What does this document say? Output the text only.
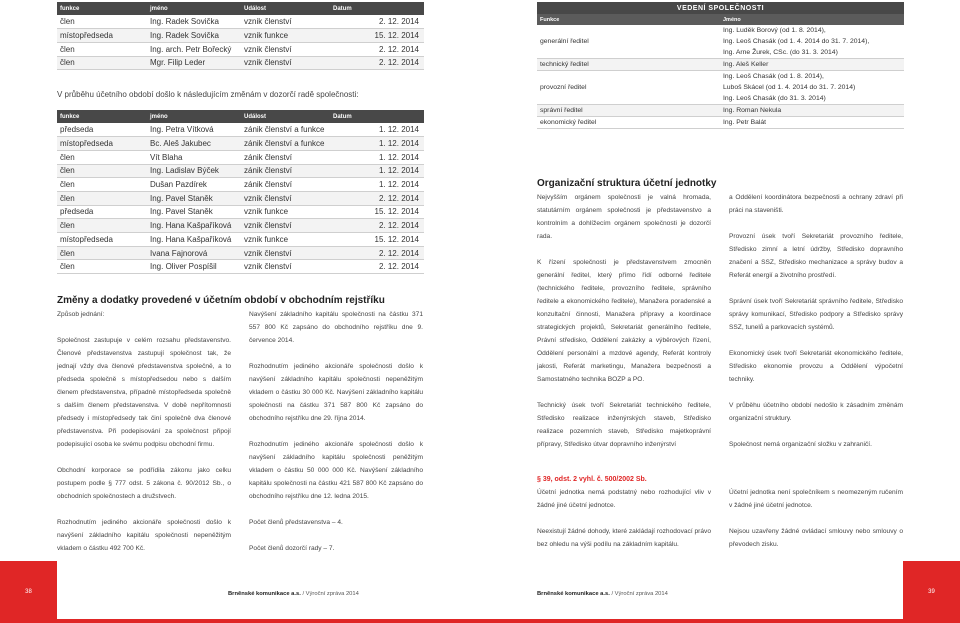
funkce	jméno	Událost	Datum
člen	Ing. Radek Sovička	vznik členství	2. 12. 2014
místopředseda	Ing. Radek Sovička	vznik funkce	15. 12. 2014
člen	Ing. arch. Petr Bořecký	vznik členství	2. 12. 2014
člen	Mgr. Filip Leder	vznik členství	2. 12. 2014
V průběhu účetního období došlo k následujícím změnám v dozorčí radě společnosti:
funkce	jméno	Událost	Datum
předseda	Ing. Petra Vítková	zánik členství a funkce	1. 12. 2014
místopředseda	Bc. Aleš Jakubec	zánik členství a funkce	1. 12. 2014
člen	Vít Blaha	zánik členství	1. 12. 2014
člen	Ing. Ladislav Býček	zánik členství	1. 12. 2014
člen	Dušan Pazdírek	zánik členství	1. 12. 2014
člen	Ing. Pavel Staněk	vznik členství	2. 12. 2014
předseda	Ing. Pavel Staněk	vznik funkce	15. 12. 2014
člen	Ing. Hana Kašpaříková	vznik členství	2. 12. 2014
místopředseda	Ing. Hana Kašpaříková	vznik funkce	15. 12. 2014
člen	Ivana Fajnorová	vznik členství	2. 12. 2014
člen	Ing. Oliver Pospíšil	vznik členství	2. 12. 2014
Změny a dodatky provedené v účetním období v obchodním rejstříku
Způsob jednání:
Společnost zastupuje v celém rozsahu představenstvo. Členové představenstva zastupují společnost tak, že jednají vždy dva členové představenstva společně, a to předseda společně s místopředsedou nebo s dalším členem představenstva, případně místopředseda společně s dalším členem představenstva. V době nepřítomnosti předsedy i místopředsedy tak činí společně dva členové představenstva. Při podepisování za společnost připojí podepisující osoba ke svému podpisu obchodní firmu.
Obchodní korporace se podřídila zákonu jako celku postupem podle § 777 odst. 5 zákona č. 90/2012 Sb., o obchodních společnostech a družstvech.
Rozhodnutím jediného akcionáře společnosti došlo k navýšení základního kapitálu společnosti nepeněžitým vkladem o částku 492 700 Kč.
Navýšení základního kapitálu společnosti na částku 371 557 800 Kč zapsáno do obchodního rejstříku dne 9. července 2014.
Rozhodnutím jediného akcionáře společnosti došlo k navýšení základního kapitálu společnosti nepeněžitým vkladem o částku 30 000 Kč. Navýšení základního kapitálu společnosti na částku 371 587 800 Kč zapsáno do obchodního rejstříku dne 29. října 2014.
Rozhodnutím jediného akcionáře společnosti došlo k navýšení základního kapitálu společnosti peněžitým vkladem o částku 50 000 000 Kč. Navýšení základního kapitálu společnosti na částku 421 587 800 Kč zapsáno do obchodního rejstříku dne 12. ledna 2015.
Počet členů představenstva – 4.
Počet členů dozorčí rady – 7.
38	Brněnské komunikace a.s. / Výroční zpráva 2014
VEDENÍ SPOLEČNOSTI	
Funkce	Jméno
generální ředitel	Ing. Luděk Borový (od 1. 8. 2014),
Ing. Leoš Chasák (od 1. 4. 2014 do 31. 7. 2014),
Ing. Arne Žurek, CSc. (do 31. 3. 2014)

technický ředitel	Ing. Aleš Keller

provozní ředitel	Ing. Leoš Chasák (od 1. 8. 2014),
Luboš Skácel (od 1. 4. 2014 do 31. 7. 2014)
Ing. Leoš Chasák (do 31. 3. 2014)

správní ředitel	Ing. Roman Nekula

ekonomický ředitel	Ing. Petr Balát
Organizační struktura účetní jednotky
Nejvyšším orgánem společnosti je valná hromada, statutárním orgánem společnosti je představenstvo a kontrolním a dohlížecím orgánem společnosti je dozorčí rada.
K řízení společnosti je představenstvem zmocněn generální ředitel, který přímo řídí odborné ředitele (technického ředitele, provozního ředitele, správního ředitele a ekonomického ředitele), Manažera poradenské a konzultační činnosti, Manažera přípravy a koordinace strategických projektů, Sekretariát generálního ředitele, Právní středisko, Oddělení zakázky a výběrových řízení, Oddělení personální a mzdové agendy, Referát kontroly jakosti, Referát marketingu, Manažera bezpečnosti a Samostatného technika BOZP a PO.
Technický úsek tvoří Sekretariát technického ředitele, Středisko realizace inženýrských staveb, Středisko realizace pozemních staveb, Středisko majetkoprávní přípravy, Středisko útvar dopravního inženýrství
a Oddělení koordinátora bezpečnosti a ochrany zdraví při práci na staveništi.
Provozní úsek tvoří Sekretariát provozního ředitele, Středisko zimní a letní údržby, Středisko dopravního značení a SSZ, Středisko mechanizace a správy budov a Referát energií a životního prostředí.
Správní úsek tvoří Sekretariát správního ředitele, Středisko správy komunikací, Středisko podpory a Středisko správy SSZ, tunelů a parkovacích systémů.
Ekonomický úsek tvoří Sekretariát ekonomického ředitele, Středisko ekonomie provozu a Oddělení výpočetní techniky.
V průběhu účetního období nedošlo k zásadním změnám organizační struktury.
Společnost nemá organizační složku v zahraničí.
§ 39, odst. 2 vyhl. č. 500/2002 Sb.
Účetní jednotka nemá podstatný nebo rozhodující vliv v žádné jiné účetní jednotce.
Neexistují žádné dohody, které zakládají rozhodovací právo bez ohledu na výši podílu na základním kapitálu.
Účetní jednotka není společníkem s neomezeným ručením v žádné jiné účetní jednotce.
Nejsou uzavřeny žádné ovládací smlouvy nebo smlouvy o převodech zisku.
Brněnské komunikace a.s. / Výroční zpráva 2014	39
